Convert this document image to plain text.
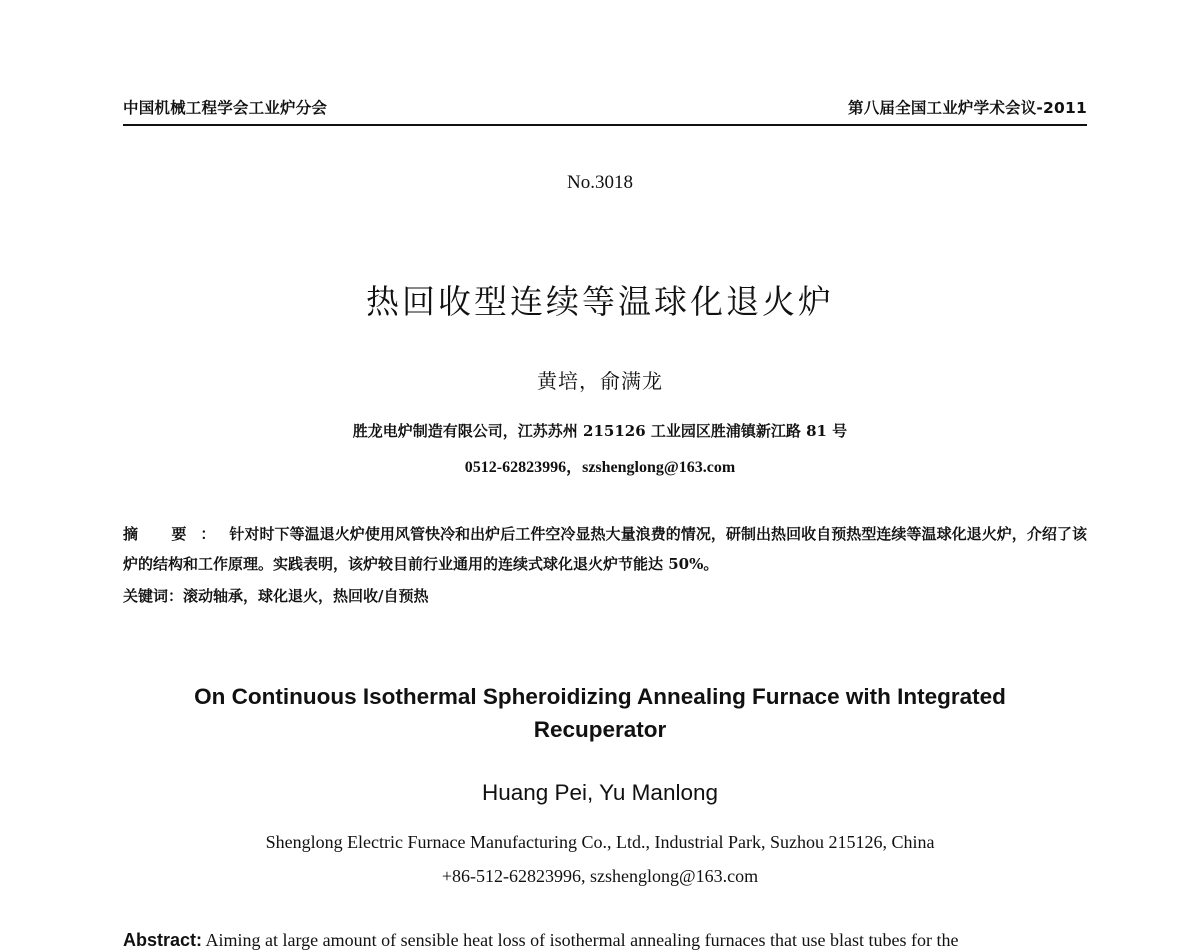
中国机械工程学会工业炉分会	第八届全国工业炉学术会议-2011
No.3018
热回收型连续等温球化退火炉
黄培，俞满龙
胜龙电炉制造有限公司，江苏苏州 215126 工业园区胜浦镇新江路 81 号
0512-62823996，szshenglong@163.com
摘 要：针对时下等温退火炉使用风管快冷和出炉后工件空冷显热大量浪费的情况，研制出热回收自预热型连续等温球化退火炉，介绍了该炉的结构和工作原理。实践表明，该炉较目前行业通用的连续式球化退火炉节能达 50%。
关键词：滚动轴承，球化退火，热回收/自预热
On Continuous Isothermal Spheroidizing Annealing Furnace with Integrated
Recuperator
Huang Pei, Yu Manlong
Shenglong Electric Furnace Manufacturing Co., Ltd., Industrial Park, Suzhou 215126, China
+86-512-62823996, szshenglong@163.com
Abstract: Aiming at large amount of sensible heat loss of isothermal annealing furnaces that use blast tubes for the
